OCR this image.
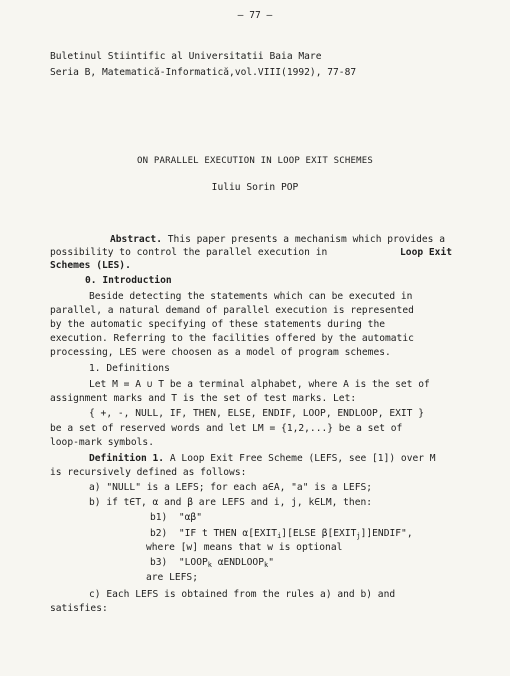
— 77 —
Buletinul Stiintific al Universitatii Baia Mare
Seria B, Matematică-Informatică,vol.VIII(1992), 77-87
ON PARALLEL EXECUTION IN LOOP EXIT SCHEMES
Iuliu Sorin POP
Abstract. This paper presents a mechanism which provides a
possibility to control the parallel execution in	Loop Exit
Schemes (LES).
0. Introduction
Beside detecting the statements which can be executed in
parallel, a natural demand of parallel execution is represented
by the automatic specifying of these statements during the
execution. Referring to the facilities offered by the automatic
processing, LES were choosen as a model of program schemes.
1. Definitions
Let M = A ∪ T be a terminal alphabet, where A is the set of
assignment marks and T is the set of test marks. Let:
{ +, -, NULL, IF, THEN, ELSE, ENDIF, LOOP, ENDLOOP, EXIT }
be a set of reserved words and let LM = {1,2,...} be a set of
loop-mark symbols.
Definition 1. A Loop Exit Free Scheme (LEFS, see [1]) over M
is recursively defined as follows:
a) "NULL" is a LEFS; for each a∈A, "a" is a LEFS;
b) if t∈T, α and β are LEFS and i, j, k∈LM, then:
b1)  "αβ"
b2)  "IF t THEN $\alpha[EXIT_i][ELSE$ $\beta[EXIT_j]]ENDIF$",
where [w] means that w is optional
b3)  "$LOOP_k$ αENDLOOP$_k$"
are LEFS;
c) Each LEFS is obtained from the rules a) and b) and
satisfies:
